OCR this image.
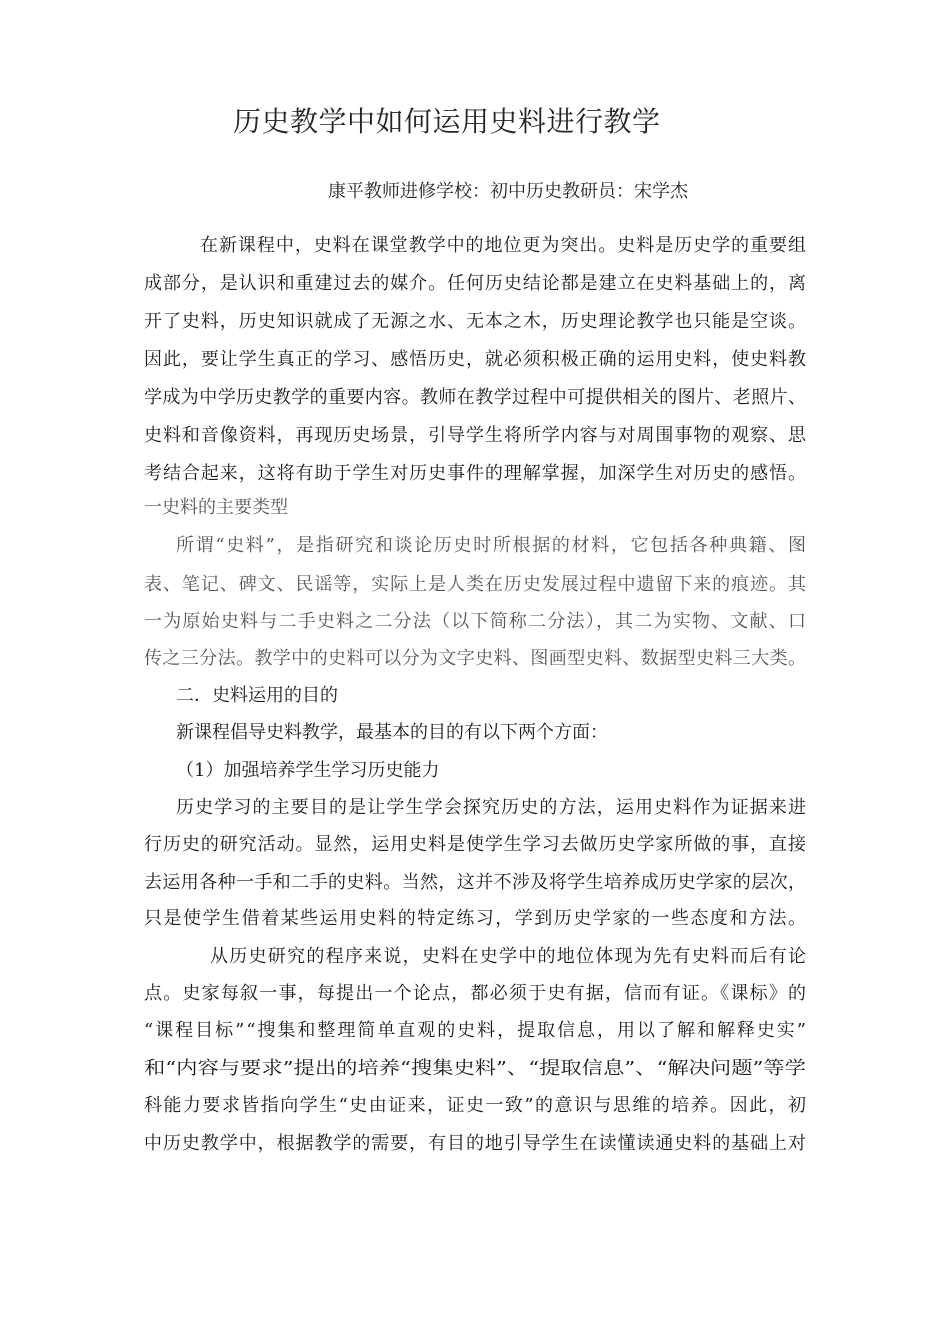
历史教学中如何运用史料进行教学
康平教师进修学校：初中历史教研员：宋学杰
在新课程中，史料在课堂教学中的地位更为突出。史料是历史学的重要组
成部分，是认识和重建过去的媒介。任何历史结论都是建立在史料基础上的，离
开了史料，历史知识就成了无源之水、无本之木，历史理论教学也只能是空谈。
因此，要让学生真正的学习、感悟历史，就必须积极正确的运用史料，使史料教
学成为中学历史教学的重要内容。教师在教学过程中可提供相关的图片、老照片、
史料和音像资料，再现历史场景，引导学生将所学内容与对周围事物的观察、思
考结合起来，这将有助于学生对历史事件的理解掌握，加深学生对历史的感悟。
一史料的主要类型
所谓“史料”，是指研究和谈论历史时所根据的材料，它包括各种典籍、图
表、笔记、碑文、民谣等，实际上是人类在历史发展过程中遗留下来的痕迹。其
一为原始史料与二手史料之二分法（以下简称二分法），其二为实物、文献、口
传之三分法。教学中的史料可以分为文字史料、图画型史料、数据型史料三大类。
二．史料运用的目的
新课程倡导史料教学，最基本的目的有以下两个方面：
（1）加强培养学生学习历史能力
历史学习的主要目的是让学生学会探究历史的方法，运用史料作为证据来进
行历史的研究活动。显然，运用史料是使学生学习去做历史学家所做的事，直接
去运用各种一手和二手的史料。当然，这并不涉及将学生培养成历史学家的层次，
只是使学生借着某些运用史料的特定练习，学到历史学家的一些态度和方法。
从历史研究的程序来说，史料在史学中的地位体现为先有史料而后有论
点。史家每叙一事，每提出一个论点，都必须于史有据，信而有证。《课标》的
“课程目标”“搜集和整理简单直观的史料，提取信息，用以了解和解释史实”
和“内容与要求”提出的培养“搜集史料”、“提取信息”、“解决问题”等学
科能力要求皆指向学生“史由证来，证史一致”的意识与思维的培养。因此，初
中历史教学中，根据教学的需要，有目的地引导学生在读懂读通史料的基础上对
